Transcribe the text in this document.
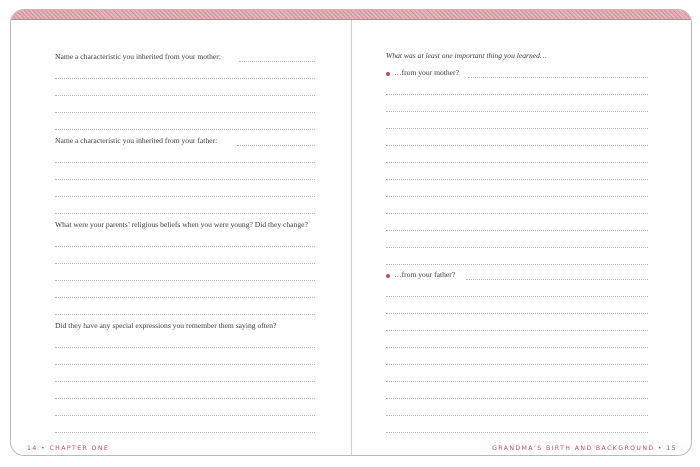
Name a characteristic you inherited from your mother:
Name a characteristic you inherited from your father:
What were your parents’ religious beliefs when you were young? Did they change?
Did they have any special expressions you remember them saying often?
14 • CHAPTER ONE
What was at least one important thing you learned…
…from your mother?
…from your father?
GRANDMA’S BIRTH AND BACKGROUND • 15
